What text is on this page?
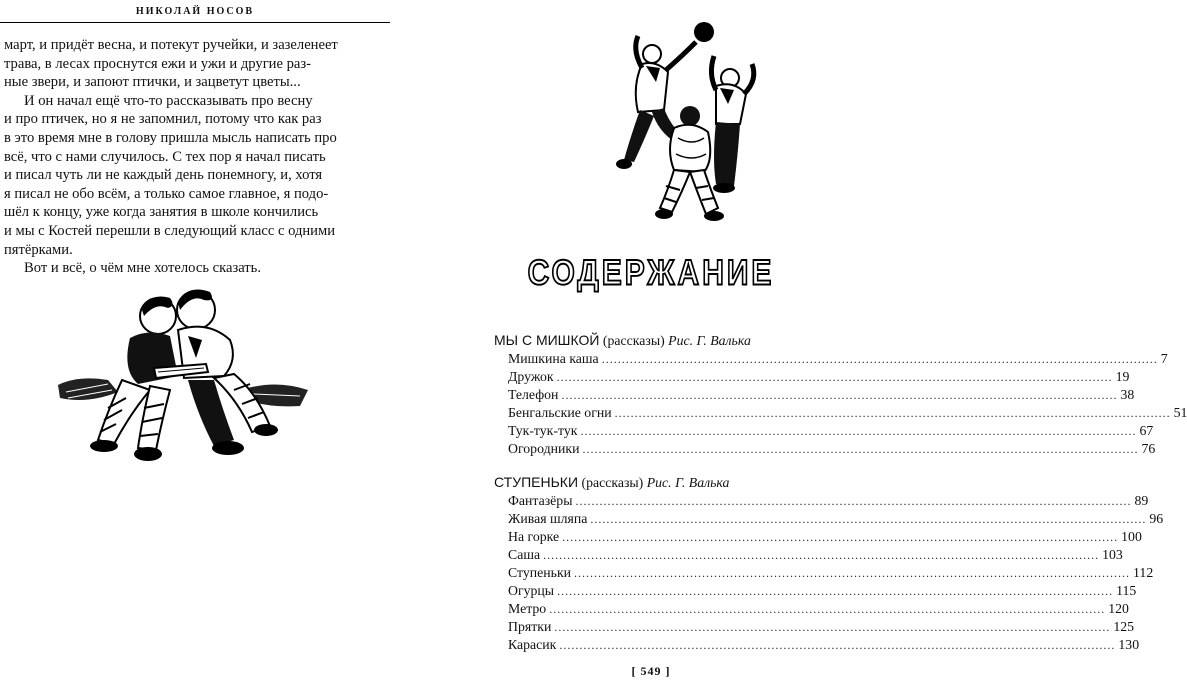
НИКОЛАЙ НОСОВ

март, и придёт весна, и потекут ручейки, и зазеленеет
трава, в лесах проснутся ежи и ужи и другие раз-
ные звери, и запоют птички, и зацветут цветы...

И он начал ещё что-то рассказывать про весну
и про птичек, но я не запомнил, потому что как раз
в это время мне в голову пришла мысль написать про
всё, что с нами случилось. С тех пор я начал писать
и писал чуть ли не каждый день понемногу, и, хотя
я писал не обо всём, а только самое главное, я подо-
шёл к концу, уже когда занятия в школе кончились
и мы с Костей перешли в следующий класс с одними
пятёрками.

Вот и всё, о чём мне хотелось сказать.	СОДЕРЖАНИЕ
МЫ С МИШКОЙ (рассказы) Рис. Г. Валька
Мишкина каша .....	7
Дружок .....	19
Телефон .....	38
Бенгальские огни .....	51
Тук-тук-тук .....	67
Огородники .....	76
СТУПЕНЬКИ (рассказы) Рис. Г. Валька
Фантазёры .....	89
Живая шляпа .....	96
На горке .....	100
Саша .....	103
Ступеньки .....	112
Огурцы .....	115
Метро .....	120
Прятки .....	125
Карасик .....	130
[ 549 ]
